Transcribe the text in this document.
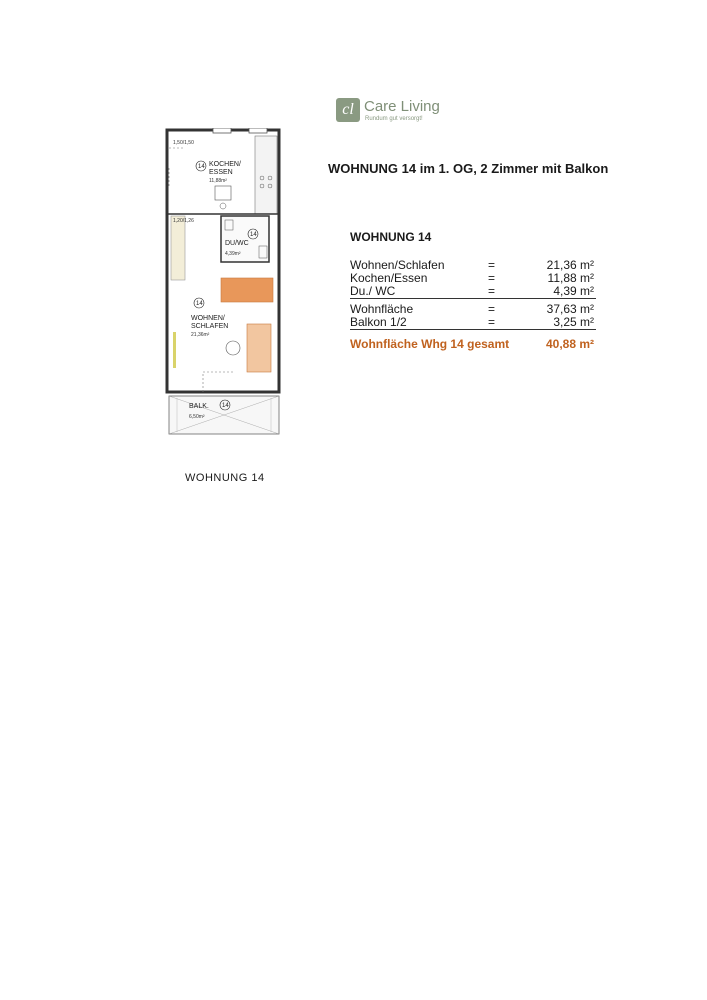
cl Care Living
Rundum gut versorgt!
WOHNUNG 14 im 1. OG, 2 Zimmer mit Balkon
WOHNUNG 14
Wohnen/Schlafen	=	21,36 m²
Kochen/Essen	=	11,88 m²
Du./ WC	=	4,39 m²
Wohnfläche	=	37,63 m²
Balkon 1/2	=	3,25 m²
Wohnfläche Whg 14 gesamt	40,88 m²
1,50/1,50
1,20/1,26
14 KOCHEN/
ESSEN
11,88m²
DU/WC
14
4,39m²
14
WOHNEN/
SCHLAFEN
21,36m²
BALK. 14
6,50m²
WOHNUNG 14
